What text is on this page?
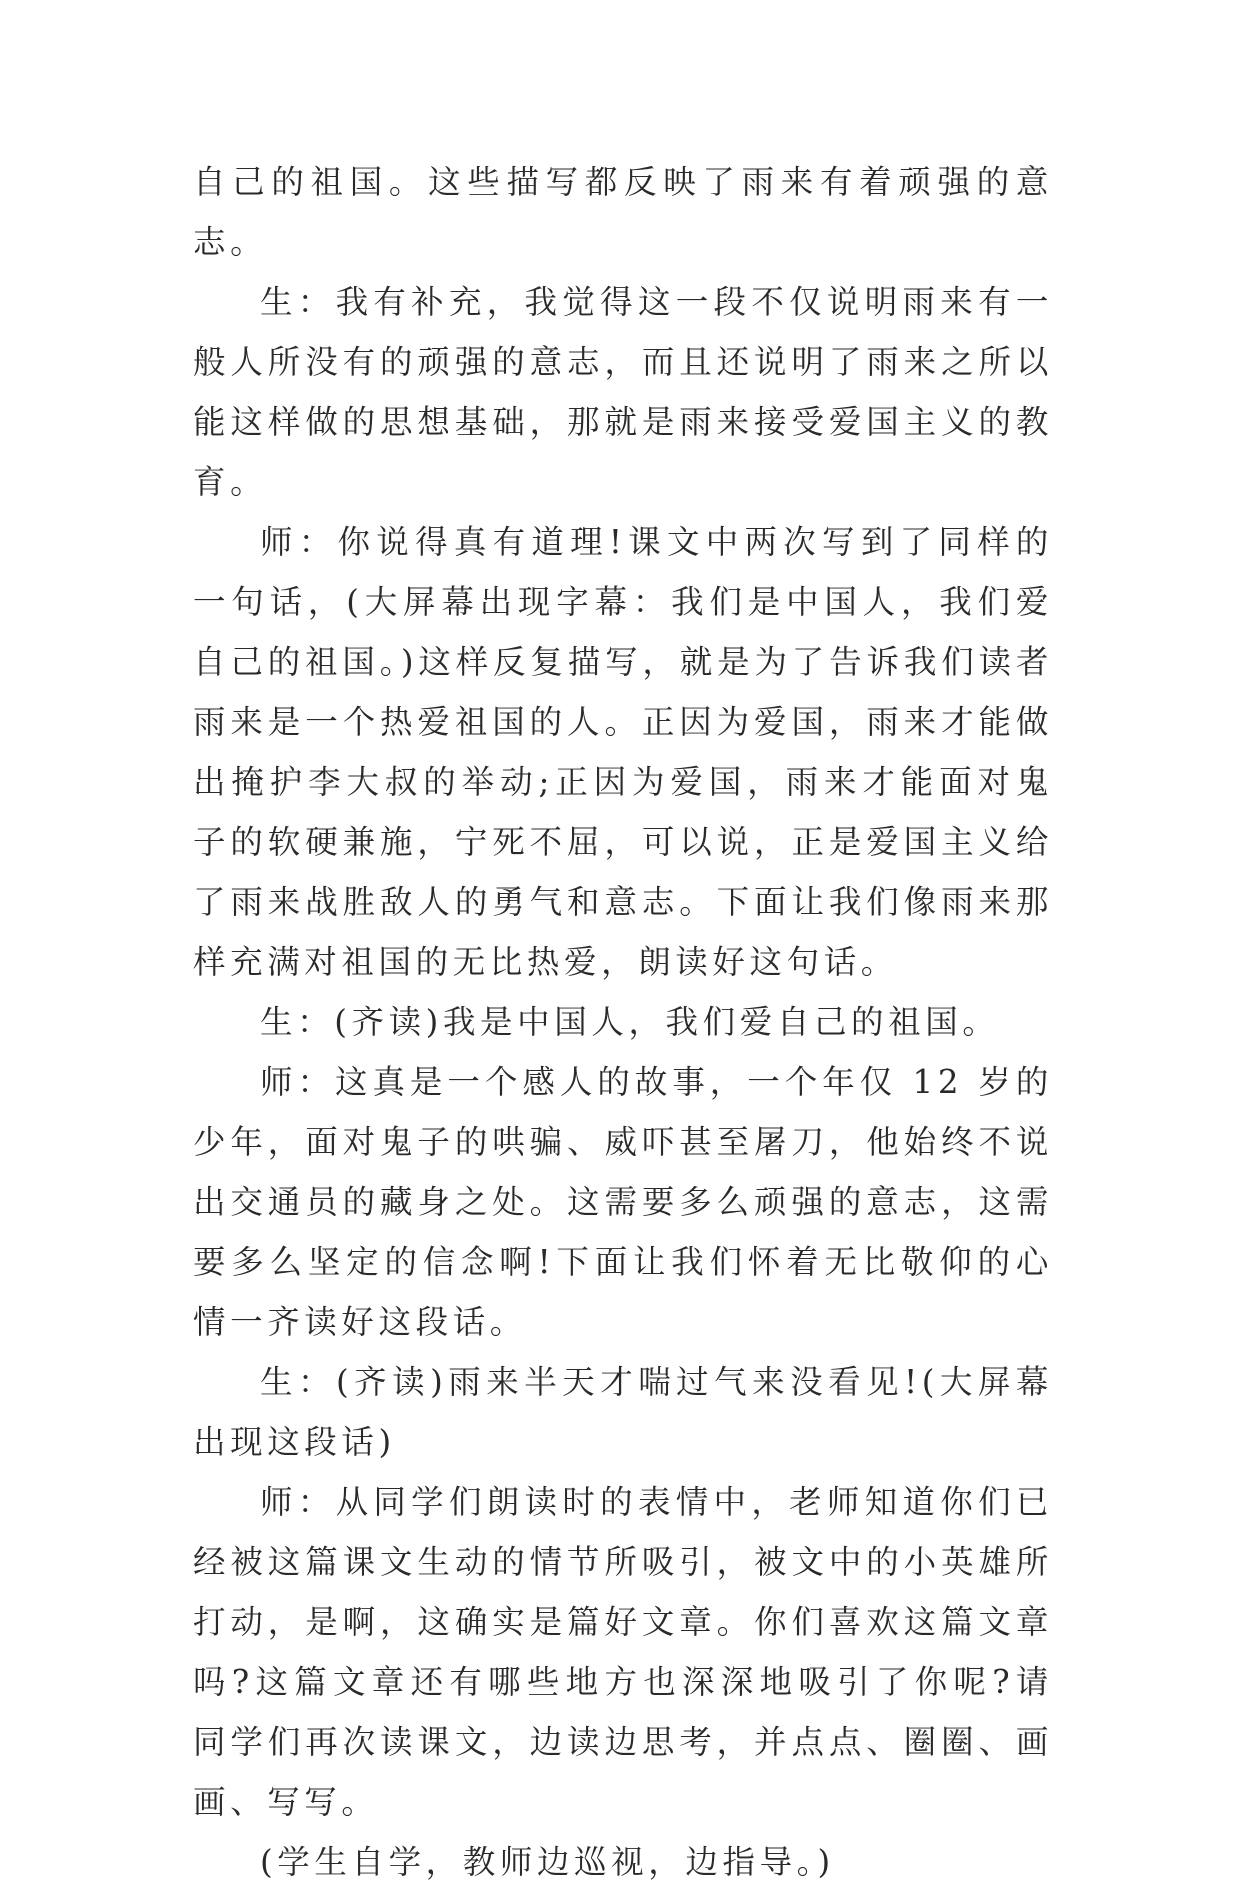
自己的祖国。这些描写都反映了雨来有着顽强的意志。

生：我有补充，我觉得这一段不仅说明雨来有一般人所没有的顽强的意志，而且还说明了雨来之所以能这样做的思想基础，那就是雨来接受爱国主义的教育。

师：你说得真有道理!课文中两次写到了同样的一句话，(大屏幕出现字幕：我们是中国人，我们爱自己的祖国。)这样反复描写，就是为了告诉我们读者雨来是一个热爱祖国的人。正因为爱国，雨来才能做出掩护李大叔的举动;正因为爱国，雨来才能面对鬼子的软硬兼施，宁死不屈，可以说，正是爱国主义给了雨来战胜敌人的勇气和意志。下面让我们像雨来那样充满对祖国的无比热爱，朗读好这句话。

生：(齐读)我是中国人，我们爱自己的祖国。

师：这真是一个感人的故事，一个年仅 12 岁的少年，面对鬼子的哄骗、威吓甚至屠刀，他始终不说出交通员的藏身之处。这需要多么顽强的意志，这需要多么坚定的信念啊!下面让我们怀着无比敬仰的心情一齐读好这段话。

生：(齐读)雨来半天才喘过气来没看见!(大屏幕出现这段话)

师：从同学们朗读时的表情中，老师知道你们已经被这篇课文生动的情节所吸引，被文中的小英雄所打动，是啊，这确实是篇好文章。你们喜欢这篇文章吗?这篇文章还有哪些地方也深深地吸引了你呢?请同学们再次读课文，边读边思考，并点点、圈圈、画画、写写。

(学生自学，教师边巡视，边指导。)
